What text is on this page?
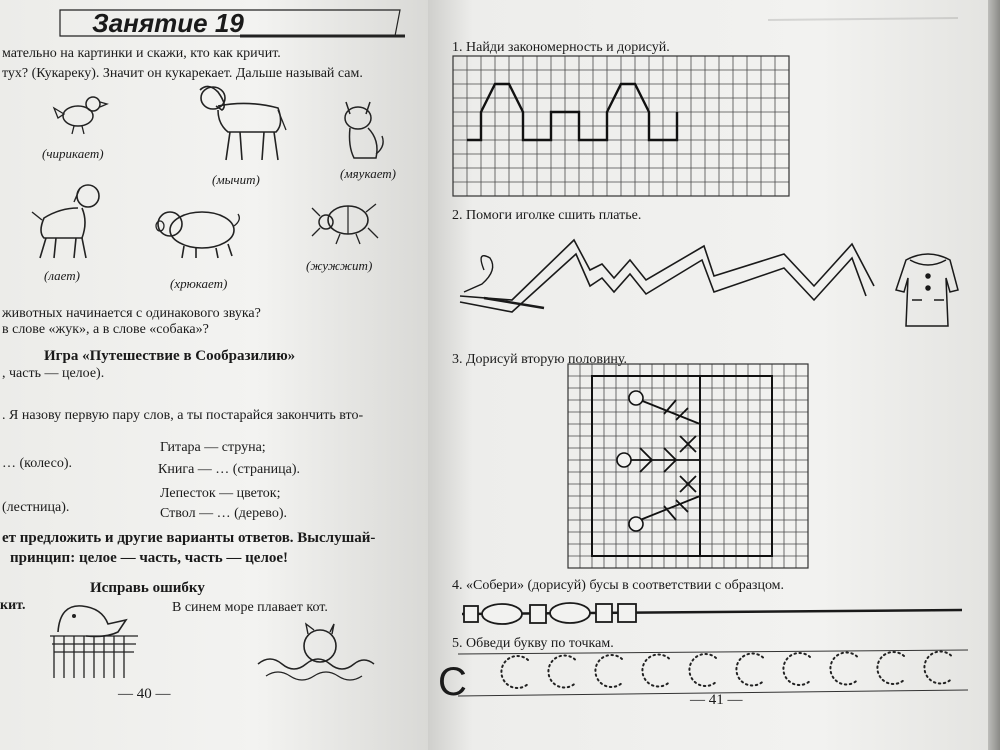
Занятие 19
мательно на картинки и скажи, кто как кричит.
тух? (Кукареку). Значит он кукарекает. Дальше называй сам.
(чирикает)
(мычит)	(мяукает)
(лает)
(хрюкает)
(жужжит)
животных начинается с одинакового звука?
в слове «жук», а в слове «собака»?
Игра «Путешествие в Сообразилию»
, часть — целое).
. Я назову первую пару слов, а ты постарайся закончить вто-
Гитара — струна;
… (колесо).	Книга — … (страница).
Лепесток — цветок;
(лестница).	Ствол — … (дерево).
ет предложить и другие варианты ответов. Выслушай-
принцип: целое — часть, часть — целое!
Исправь ошибку
кит.	В синем море плавает кот.
— 40 —
1. Найди закономерность и дорисуй.
2. Помоги иголке сшить платье.
3. Дорисуй вторую половину.
4. «Собери» (дорисуй) бусы в соответствии с образцом.
5. Обведи букву по точкам.
С	— 41 —
